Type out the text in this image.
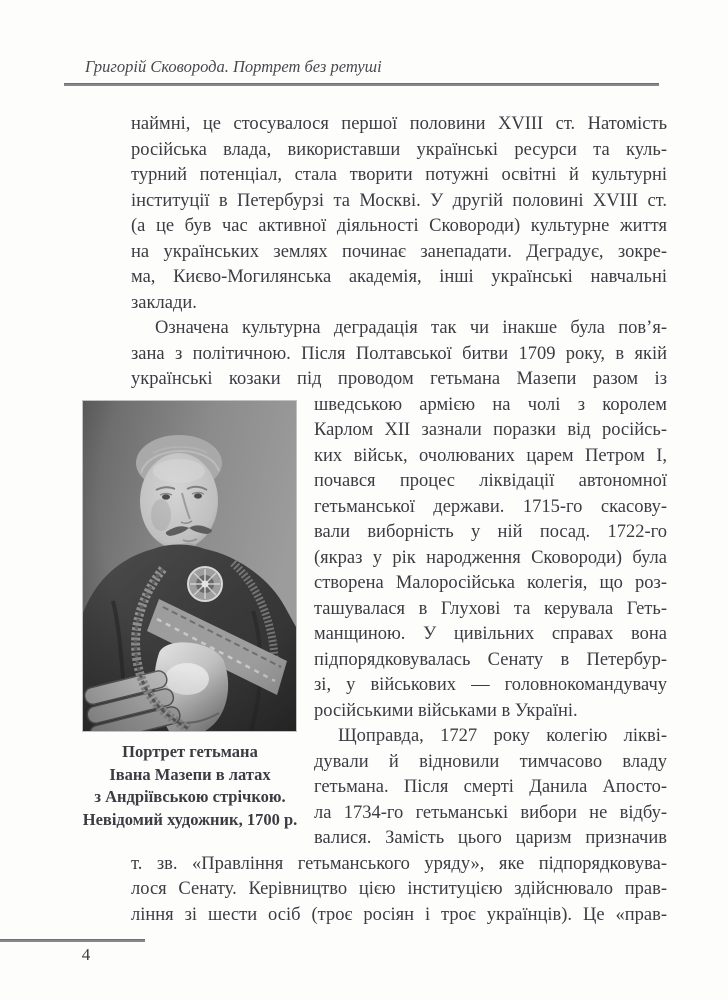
Григорій Сковорода. Портрет без ретуші
наймні, це стосувалося першої половини XVIII ст. Натомість
російська влада, використавши українські ресурси та куль-
турний потенціал, стала творити потужні освітні й культурні
інституції в Петербурзі та Москві. У другій половині XVIII ст.
(а це був час активної діяльності Сковороди) культурне життя
на українських землях починає занепадати. Деградує, зокре-
ма, Києво-Могилянська академія, інші українські навчальні
заклади.
Означена культурна деградація так чи інакше була пов’я-
зана з політичною. Після Полтавської битви 1709 року, в якій
українські козаки під проводом гетьмана Мазепи разом із
шведською армією на чолі з королем
Карлом XII зазнали поразки від російсь-
ких військ, очолюваних царем Петром I,
почався процес ліквідації автономної
гетьманської держави. 1715-го скасову-
вали виборність у ній посад. 1722-го
(якраз у рік народження Сковороди) була
створена Малоросійська колегія, що роз-
ташувалася в Глухові та керувала Геть-
манщиною. У цивільних справах вона
підпорядковувалась Сенату в Петербур-
зі, у військових — головнокомандувачу
російськими військами в Україні.
Щоправда, 1727 року колегію лікві-
дували й відновили тимчасово владу
гетьмана. Після смерті Данила Апосто-
ла 1734-го гетьманські вибори не відбу-
валися. Замість цього царизм призначив
т. зв. «Правління гетьманського уряду», яке підпорядковува-
лося Сенату. Керівництво цією інституцією здійснювало прав-
ління зі шести осіб (троє росіян і троє українців). Це «прав-
Портрет гетьмана
Івана Мазепи в латах
з Андріївською стрічкою.
Невідомий художник, 1700 р.
4
